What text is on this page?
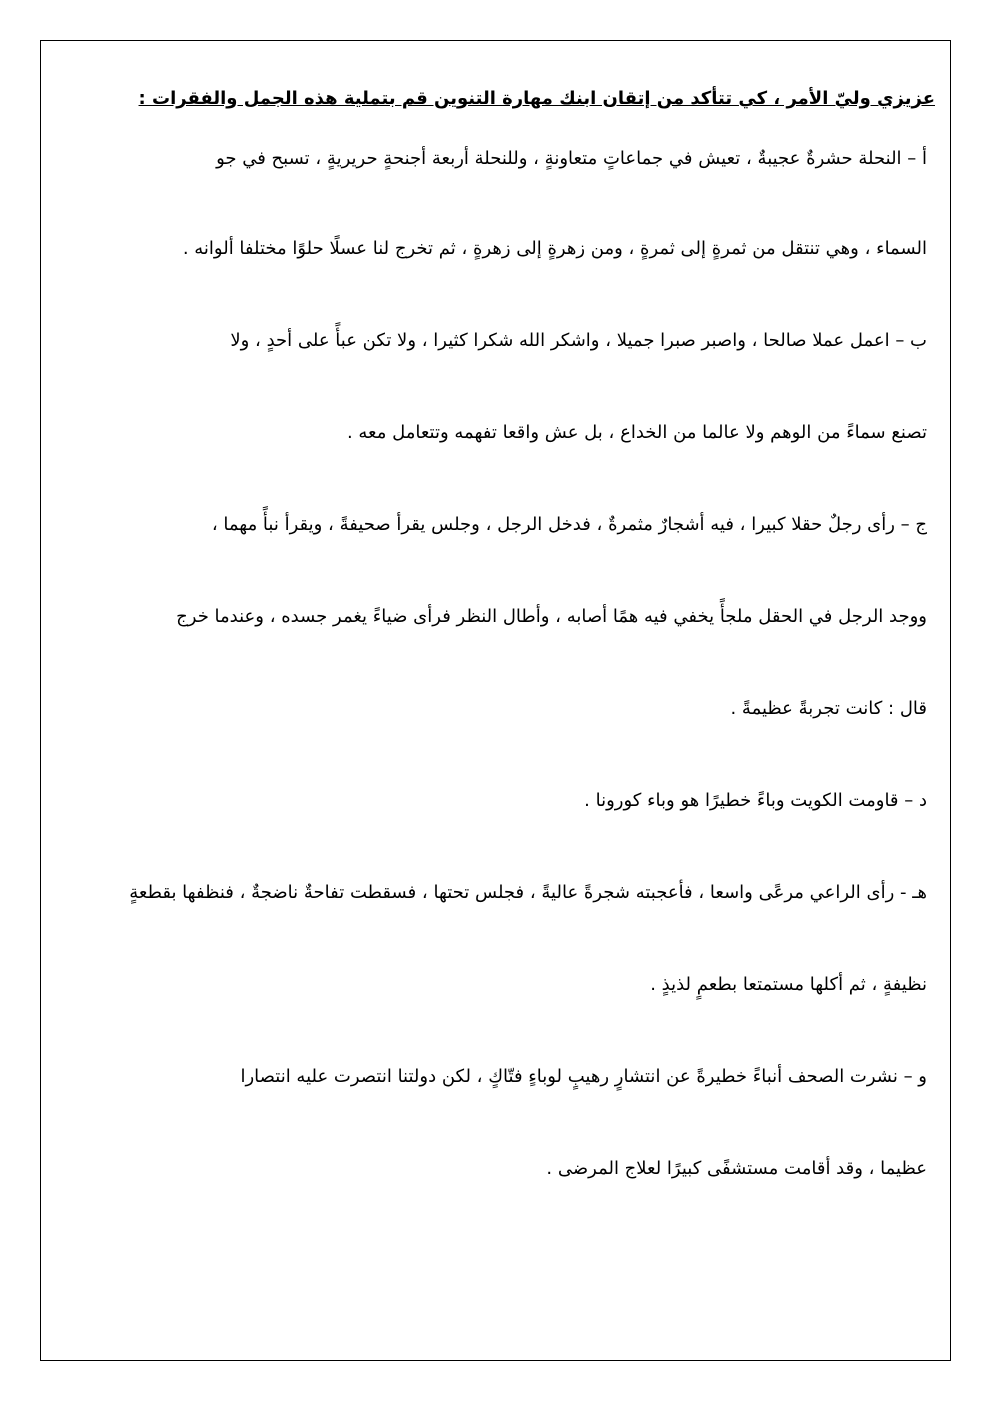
عزيزي وليّ الأمر ، كي تتأكد من إتقان ابنك مهارة التنوين قم بتملية هذه الجمل والفقرات :

أ – النحلة حشرةٌ عجيبةٌ ، تعيش في جماعاتٍ متعاونةٍ ، وللنحلة أربعة أجنحةٍ حريريةٍ ، تسبح في جو

السماء ، وهي تنتقل من ثمرةٍ إلى ثمرةٍ ، ومن زهرةٍ إلى زهرةٍ ، ثم تخرج لنا عسلًا حلوًا مختلفا ألوانه .

ب – اعمل عملا صالحا ، واصبر صبرا جميلا ، واشكر الله شكرا كثيرا ، ولا تكن عبأً على أحدٍ ، ولا

تصنع سماءً من الوهم ولا عالما من الخداع ، بل عش واقعا تفهمه وتتعامل معه .

ج – رأى رجلٌ حقلا كبيرا ، فيه أشجارٌ مثمرةٌ ، فدخل الرجل ، وجلس يقرأ صحيفةً ، ويقرأ نبأً مهما ،

ووجد الرجل في الحقل ملجأً يخفي فيه همًا أصابه ، وأطال النظر فرأى ضياءً يغمر جسده ، وعندما خرج

قال : كانت تجربةً عظيمةً .

د – قاومت الكويت وباءً خطيرًا هو وباء كورونا .

هـ - رأى الراعي مرعًى واسعا ، فأعجبته شجرةً عاليةً ، فجلس تحتها ، فسقطت تفاحةٌ ناضجةٌ ، فنظفها بقطعةٍ

نظيفةٍ ، ثم أكلها مستمتعا بطعمٍ لذيذٍ .

و – نشرت الصحف أنباءً خطيرةً عن انتشارٍ رهيبٍ لوباءٍ فتّاكٍ ، لكن دولتنا انتصرت عليه انتصارا

عظيما ، وقد أقامت مستشفًى كبيرًا لعلاج المرضى .
